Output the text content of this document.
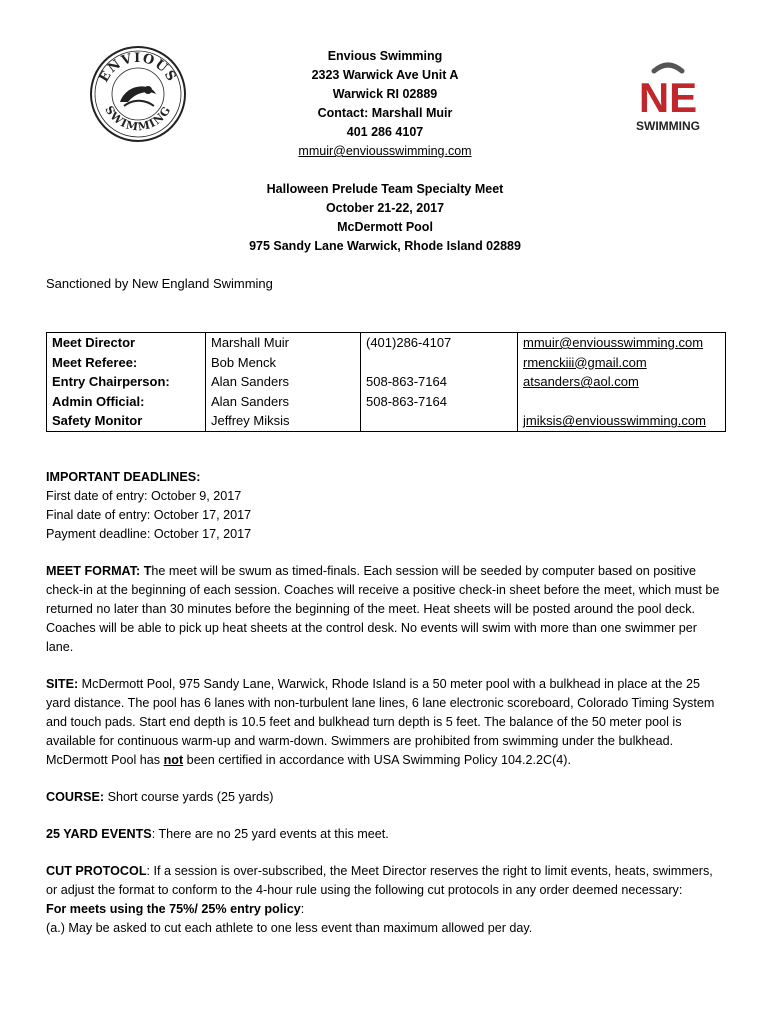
ENVIOUS
SWIMMING
Envious Swimming
2323 Warwick Ave Unit A
Warwick RI 02889
Contact: Marshall Muir
401 286 4107
mmuir@enviousswimming.com
NE
SWIMMING
Halloween Prelude Team Specialty Meet
October 21-22, 2017
McDermott Pool
975 Sandy Lane Warwick, Rhode Island 02889
Sanctioned by New England Swimming
Meet Director	Marshall Muir	(401)286-4107	mmuir@enviousswimming.com
Meet Referee:	Bob Menck		rmenckiii@gmail.com
Entry Chairperson:	Alan Sanders	508-863-7164	atsanders@aol.com
Admin Official:	Alan Sanders	508-863-7164	
Safety Monitor	Jeffrey Miksis		jmiksis@enviousswimming.com

IMPORTANT DEADLINES:
First date of entry: October 9, 2017
Final date of entry: October 17, 2017
Payment deadline: October 17, 2017

MEET FORMAT: The meet will be swum as timed-finals. Each session will be seeded by computer based on positive check-in at the beginning of each session. Coaches will receive a positive check-in sheet before the meet, which must be returned no later than 30 minutes before the beginning of the meet. Heat sheets will be posted around the pool deck. Coaches will be able to pick up heat sheets at the control desk. No events will swim with more than one swimmer per lane.

SITE: McDermott Pool, 975 Sandy Lane, Warwick, Rhode Island is a 50 meter pool with a bulkhead in place at the 25 yard distance. The pool has 6 lanes with non-turbulent lane lines, 6 lane electronic scoreboard, Colorado Timing System and touch pads. Start end depth is 10.5 feet and bulkhead turn depth is 5 feet. The balance of the 50 meter pool is available for continuous warm-up and warm-down. Swimmers are prohibited from swimming under the bulkhead. McDermott Pool has not been certified in accordance with USA Swimming Policy 104.2.2C(4).

COURSE: Short course yards (25 yards)

25 YARD EVENTS: There are no 25 yard events at this meet.

CUT PROTOCOL: If a session is over-subscribed, the Meet Director reserves the right to limit events, heats, swimmers, or adjust the format to conform to the 4-hour rule using the following cut protocols in any order deemed necessary:
For meets using the 75%/ 25% entry policy:
(a.) May be asked to cut each athlete to one less event than maximum allowed per day.
